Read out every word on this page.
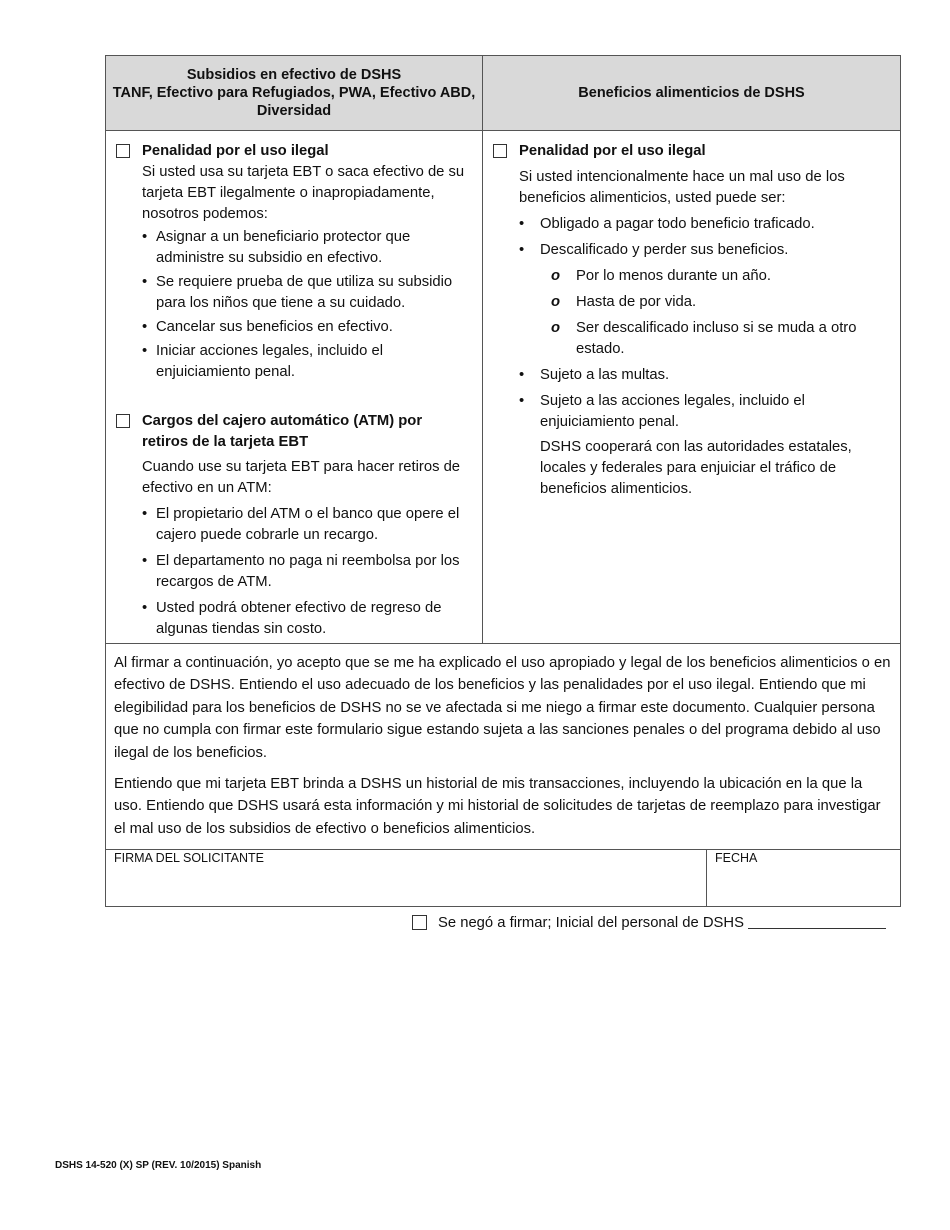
Subsidios en efectivo de DSHS
TANF, Efectivo para Refugiados, PWA, Efectivo ABD, Diversidad
Beneficios alimenticios de DSHS
Penalidad por el uso ilegal
Si usted usa su tarjeta EBT o saca efectivo de su tarjeta EBT ilegalmente o inapropiadamente, nosotros podemos:
• Asignar a un beneficiario protector que administre su subsidio en efectivo.
• Se requiere prueba de que utiliza su subsidio para los niños que tiene a su cuidado.
• Cancelar sus beneficios en efectivo.
• Iniciar acciones legales, incluido el enjuiciamiento penal.
Cargos del cajero automático (ATM) por retiros de la tarjeta EBT
Cuando use su tarjeta EBT para hacer retiros de efectivo en un ATM:
• El propietario del ATM o el banco que opere el cajero puede cobrarle un recargo.
• El departamento no paga ni reembolsa por los recargos de ATM.
• Usted podrá obtener efectivo de regreso de algunas tiendas sin costo.
Penalidad por el uso ilegal
Si usted intencionalmente hace un mal uso de los beneficios alimenticios, usted puede ser:
• Obligado a pagar todo beneficio traficado.
• Descalificado y perder sus beneficios.
o Por lo menos durante un año.
o Hasta de por vida.
o Ser descalificado incluso si se muda a otro estado.
• Sujeto a las multas.
• Sujeto a las acciones legales, incluido el enjuiciamiento penal.
DSHS cooperará con las autoridades estatales, locales y federales para enjuiciar el tráfico de beneficios alimenticios.

Al firmar a continuación, yo acepto que se me ha explicado el uso apropiado y legal de los beneficios alimenticios o en efectivo de DSHS. Entiendo el uso adecuado de los beneficios y las penalidades por el uso ilegal. Entiendo que mi elegibilidad para los beneficios de DSHS no se ve afectada si me niego a firmar este documento. Cualquier persona que no cumpla con firmar este formulario sigue estando sujeta a las sanciones penales o del programa debido al uso ilegal de los beneficios.

Entiendo que mi tarjeta EBT brinda a DSHS un historial de mis transacciones, incluyendo la ubicación en la que la uso. Entiendo que DSHS usará esta información y mi historial de solicitudes de tarjetas de reemplazo para investigar el mal uso de los subsidios de efectivo o beneficios alimenticios.

FIRMA DEL SOLICITANTE	FECHA
Se negó a firmar; Inicial del personal de DSHS
DSHS 14-520 (X) SP (REV. 10/2015) Spanish
